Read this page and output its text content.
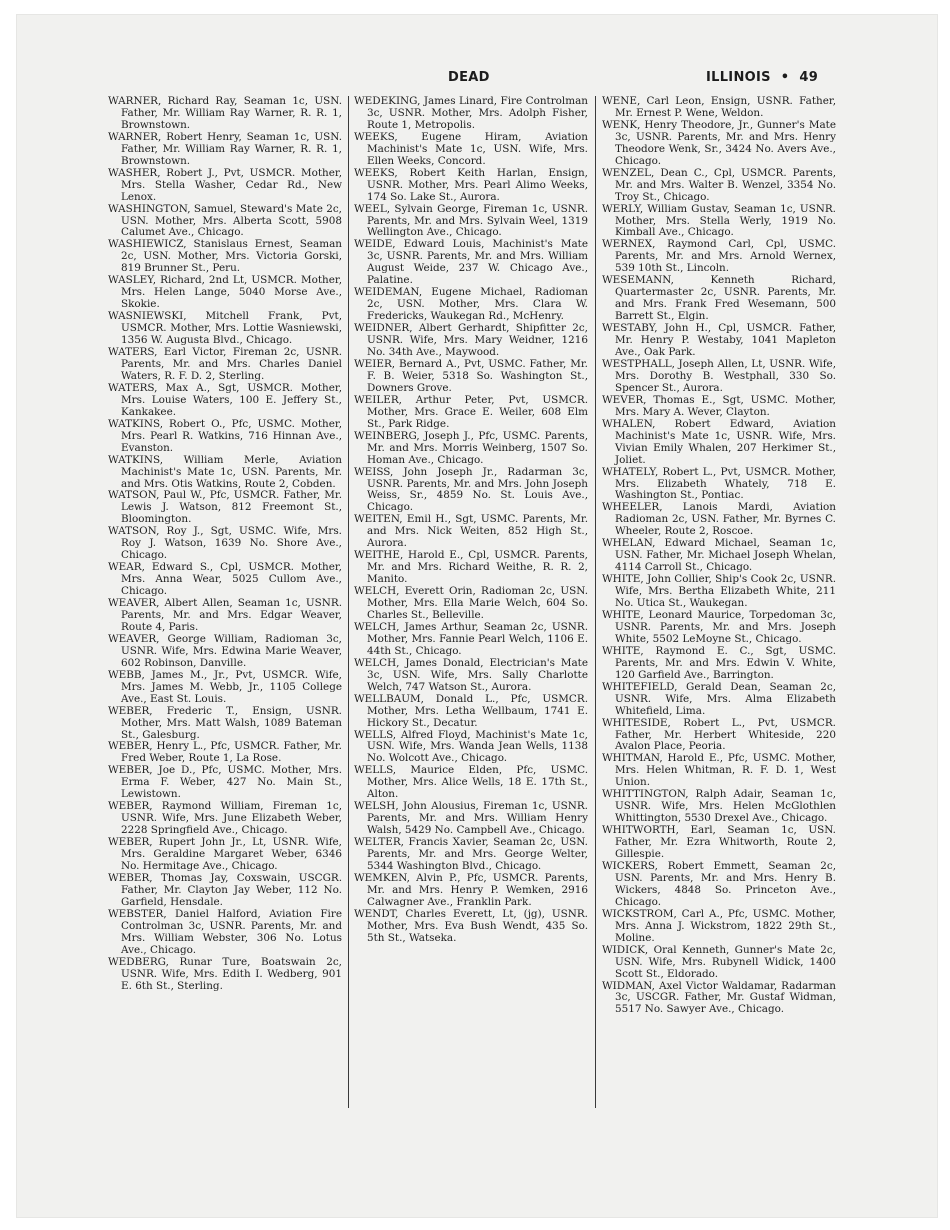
DEAD	ILLINOIS • 49

WARNER, Richard Ray, Seaman 1c, USN. Father, Mr. William Ray Warner, R. R. 1, Brownstown.

WARNER, Robert Henry, Seaman 1c, USN. Father, Mr. William Ray Warner, R. R. 1, Brownstown.

WASHER, Robert J., Pvt, USMCR. Mother, Mrs. Stella Washer, Cedar Rd., New Lenox.

WASHINGTON, Samuel, Steward's Mate 2c, USN. Mother, Mrs. Alberta Scott, 5908 Calumet Ave., Chicago.

WASHIEWICZ, Stanislaus Ernest, Seaman 2c, USN. Mother, Mrs. Victoria Gorski, 819 Brunner St., Peru.

WASLEY, Richard, 2nd Lt, USMCR. Mother, Mrs. Helen Lange, 5040 Morse Ave., Skokie.

WASNIEWSKI, Mitchell Frank, Pvt, USMCR. Mother, Mrs. Lottie Wasniewski, 1356 W. Augusta Blvd., Chicago.

WATERS, Earl Victor, Fireman 2c, USNR. Parents, Mr. and Mrs. Charles Daniel Waters, R. F. D. 2, Sterling.

WATERS, Max A., Sgt, USMCR. Mother, Mrs. Louise Waters, 100 E. Jeffery St., Kankakee.

WATKINS, Robert O., Pfc, USMC. Mother, Mrs. Pearl R. Watkins, 716 Hinnan Ave., Evanston.

WATKINS, William Merle, Aviation Machinist's Mate 1c, USN. Parents, Mr. and Mrs. Otis Watkins, Route 2, Cobden.

WATSON, Paul W., Pfc, USMCR. Father, Mr. Lewis J. Watson, 812 Freemont St., Bloomington.

WATSON, Roy J., Sgt, USMC. Wife, Mrs. Roy J. Watson, 1639 No. Shore Ave., Chicago.

WEAR, Edward S., Cpl, USMCR. Mother, Mrs. Anna Wear, 5025 Cullom Ave., Chicago.

WEAVER, Albert Allen, Seaman 1c, USNR. Parents, Mr. and Mrs. Edgar Weaver, Route 4, Paris.

WEAVER, George William, Radioman 3c, USNR. Wife, Mrs. Edwina Marie Weaver, 602 Robinson, Danville.

WEBB, James M., Jr., Pvt, USMCR. Wife, Mrs. James M. Webb, Jr., 1105 College Ave., East St. Louis.

WEBER, Frederic T., Ensign, USNR. Mother, Mrs. Matt Walsh, 1089 Bateman St., Galesburg.

WEBER, Henry L., Pfc, USMCR. Father, Mr. Fred Weber, Route 1, La Rose.

WEBER, Joe D., Pfc, USMC. Mother, Mrs. Erma F. Weber, 427 No. Main St., Lewistown.

WEBER, Raymond William, Fireman 1c, USNR. Wife, Mrs. June Elizabeth Weber, 2228 Springfield Ave., Chicago.

WEBER, Rupert John Jr., Lt, USNR. Wife, Mrs. Geraldine Margaret Weber, 6346 No. Hermitage Ave., Chicago.

WEBER, Thomas Jay, Coxswain, USCGR. Father, Mr. Clayton Jay Weber, 112 No. Garfield, Hensdale.

WEBSTER, Daniel Halford, Aviation Fire Controlman 3c, USNR. Parents, Mr. and Mrs. William Webster, 306 No. Lotus Ave., Chicago.

WEDBERG, Runar Ture, Boatswain 2c, USNR. Wife, Mrs. Edith I. Wedberg, 901 E. 6th St., Sterling.

WEDEKING, James Linard, Fire Controlman 3c, USNR. Mother, Mrs. Adolph Fisher, Route 1, Metropolis.

WEEKS, Eugene Hiram, Aviation Machinist's Mate 1c, USN. Wife, Mrs. Ellen Weeks, Concord.

WEEKS, Robert Keith Harlan, Ensign, USNR. Mother, Mrs. Pearl Alimo Weeks, 174 So. Lake St., Aurora.

WEEL, Sylvain George, Fireman 1c, USNR. Parents, Mr. and Mrs. Sylvain Weel, 1319 Wellington Ave., Chicago.

WEIDE, Edward Louis, Machinist's Mate 3c, USNR. Parents, Mr. and Mrs. William August Weide, 237 W. Chicago Ave., Palatine.

WEIDEMAN, Eugene Michael, Radioman 2c, USN. Mother, Mrs. Clara W. Fredericks, Waukegan Rd., McHenry.

WEIDNER, Albert Gerhardt, Shipfitter 2c, USNR. Wife, Mrs. Mary Weidner, 1216 No. 34th Ave., Maywood.

WEIER, Bernard A., Pvt, USMC. Father, Mr. F. B. Weier, 5318 So. Washington St., Downers Grove.

WEILER, Arthur Peter, Pvt, USMCR. Mother, Mrs. Grace E. Weiler, 608 Elm St., Park Ridge.

WEINBERG, Joseph J., Pfc, USMC. Parents, Mr. and Mrs. Morris Weinberg, 1507 So. Homan Ave., Chicago.

WEISS, John Joseph Jr., Radarman 3c, USNR. Parents, Mr. and Mrs. John Joseph Weiss, Sr., 4859 No. St. Louis Ave., Chicago.

WEITEN, Emil H., Sgt, USMC. Parents, Mr. and Mrs. Nick Weiten, 852 High St., Aurora.

WEITHE, Harold E., Cpl, USMCR. Parents, Mr. and Mrs. Richard Weithe, R. R. 2, Manito.

WELCH, Everett Orin, Radioman 2c, USN. Mother, Mrs. Ella Marie Welch, 604 So. Charles St., Belleville.

WELCH, James Arthur, Seaman 2c, USNR. Mother, Mrs. Fannie Pearl Welch, 1106 E. 44th St., Chicago.

WELCH, James Donald, Electrician's Mate 3c, USN. Wife, Mrs. Sally Charlotte Welch, 747 Watson St., Aurora.

WELLBAUM, Donald L., Pfc, USMCR. Mother, Mrs. Letha Wellbaum, 1741 E. Hickory St., Decatur.

WELLS, Alfred Floyd, Machinist's Mate 1c, USN. Wife, Mrs. Wanda Jean Wells, 1138 No. Wolcott Ave., Chicago.

WELLS, Maurice Elden, Pfc, USMC. Mother, Mrs. Alice Wells, 18 E. 17th St., Alton.

WELSH, John Alousius, Fireman 1c, USNR. Parents, Mr. and Mrs. William Henry Walsh, 5429 No. Campbell Ave., Chicago.

WELTER, Francis Xavier, Seaman 2c, USN. Parents, Mr. and Mrs. George Welter, 5344 Washington Blvd., Chicago.

WEMKEN, Alvin P., Pfc, USMCR. Parents, Mr. and Mrs. Henry P. Wemken, 2916 Calwagner Ave., Franklin Park.

WENDT, Charles Everett, Lt, (jg), USNR. Mother, Mrs. Eva Bush Wendt, 435 So. 5th St., Watseka.

WENE, Carl Leon, Ensign, USNR. Father, Mr. Ernest P. Wene, Weldon.

WENK, Henry Theodore, Jr., Gunner's Mate 3c, USNR. Parents, Mr. and Mrs. Henry Theodore Wenk, Sr., 3424 No. Avers Ave., Chicago.

WENZEL, Dean C., Cpl, USMCR. Parents, Mr. and Mrs. Walter B. Wenzel, 3354 No. Troy St., Chicago.

WERLY, William Gustav, Seaman 1c, USNR. Mother, Mrs. Stella Werly, 1919 No. Kimball Ave., Chicago.

WERNEX, Raymond Carl, Cpl, USMC. Parents, Mr. and Mrs. Arnold Wernex, 539 10th St., Lincoln.

WESEMANN, Kenneth Richard, Quartermaster 2c, USNR. Parents, Mr. and Mrs. Frank Fred Wesemann, 500 Barrett St., Elgin.

WESTABY, John H., Cpl, USMCR. Father, Mr. Henry P. Westaby, 1041 Mapleton Ave., Oak Park.

WESTPHALL, Joseph Allen, Lt, USNR. Wife, Mrs. Dorothy B. Westphall, 330 So. Spencer St., Aurora.

WEVER, Thomas E., Sgt, USMC. Mother, Mrs. Mary A. Wever, Clayton.

WHALEN, Robert Edward, Aviation Machinist's Mate 1c, USNR. Wife, Mrs. Vivian Emily Whalen, 207 Herkimer St., Joliet.

WHATELY, Robert L., Pvt, USMCR. Mother, Mrs. Elizabeth Whately, 718 E. Washington St., Pontiac.

WHEELER, Lanois Mardi, Aviation Radioman 2c, USN. Father, Mr. Byrnes C. Wheeler, Route 2, Roscoe.

WHELAN, Edward Michael, Seaman 1c, USN. Father, Mr. Michael Joseph Whelan, 4114 Carroll St., Chicago.

WHITE, John Collier, Ship's Cook 2c, USNR. Wife, Mrs. Bertha Elizabeth White, 211 No. Utica St., Waukegan.

WHITE, Leonard Maurice, Torpedoman 3c, USNR. Parents, Mr. and Mrs. Joseph White, 5502 LeMoyne St., Chicago.

WHITE, Raymond E. C., Sgt, USMC. Parents, Mr. and Mrs. Edwin V. White, 120 Garfield Ave., Barrington.

WHITEFIELD, Gerald Dean, Seaman 2c, USNR. Wife, Mrs. Alma Elizabeth Whitefield, Lima.

WHITESIDE, Robert L., Pvt, USMCR. Father, Mr. Herbert Whiteside, 220 Avalon Place, Peoria.

WHITMAN, Harold E., Pfc, USMC. Mother, Mrs. Helen Whitman, R. F. D. 1, West Union.

WHITTINGTON, Ralph Adair, Seaman 1c, USNR. Wife, Mrs. Helen McGlothlen Whittington, 5530 Drexel Ave., Chicago.

WHITWORTH, Earl, Seaman 1c, USN. Father, Mr. Ezra Whitworth, Route 2, Gillespie.

WICKERS, Robert Emmett, Seaman 2c, USN. Parents, Mr. and Mrs. Henry B. Wickers, 4848 So. Princeton Ave., Chicago.

WICKSTROM, Carl A., Pfc, USMC. Mother, Mrs. Anna J. Wickstrom, 1822 29th St., Moline.

WIDICK, Oral Kenneth, Gunner's Mate 2c, USN. Wife, Mrs. Rubynell Widick, 1400 Scott St., Eldorado.

WIDMAN, Axel Victor Waldamar, Radarman 3c, USCGR. Father, Mr. Gustaf Widman, 5517 No. Sawyer Ave., Chicago.
